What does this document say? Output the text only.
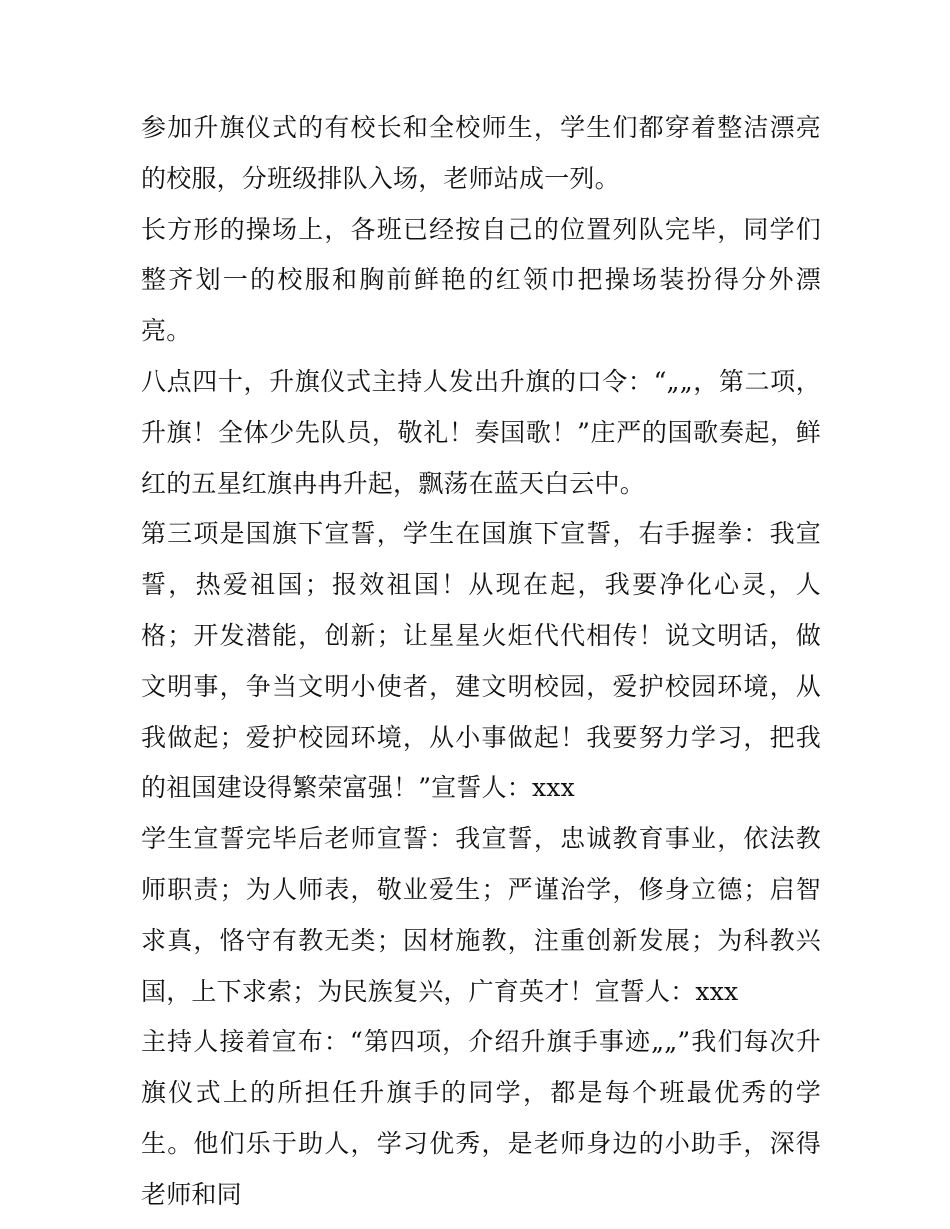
参加升旗仪式的有校长和全校师生，学生们都穿着整洁漂亮的校服，分班级排队入场，老师站成一列。

长方形的操场上，各班已经按自己的位置列队完毕，同学们整齐划一的校服和胸前鲜艳的红领巾把操场装扮得分外漂亮。

八点四十，升旗仪式主持人发出升旗的口令：“„„，第二项，升旗！全体少先队员，敬礼！奏国歌！”庄严的国歌奏起，鲜红的五星红旗冉冉升起，飘荡在蓝天白云中。

第三项是国旗下宣誓，学生在国旗下宣誓，右手握拳：我宣誓，热爱祖国；报效祖国！从现在起，我要净化心灵，人格；开发潜能，创新；让星星火炬代代相传！说文明话，做文明事，争当文明小使者，建文明校园，爱护校园环境，从我做起；爱护校园环境，从小事做起！我要努力学习，把我的祖国建设得繁荣富强！”宣誓人：xxx

学生宣誓完毕后老师宣誓：我宣誓，忠诚教育事业，依法教师职责；为人师表，敬业爱生；严谨治学，修身立德；启智求真，恪守有教无类；因材施教，注重创新发展；为科教兴国，上下求索；为民族复兴，广育英才！宣誓人：xxx

主持人接着宣布：“第四项，介绍升旗手事迹„„”我们每次升旗仪式上的所担任升旗手的同学，都是每个班最优秀的学生。他们乐于助人，学习优秀，是老师身边的小助手，深得老师和同
